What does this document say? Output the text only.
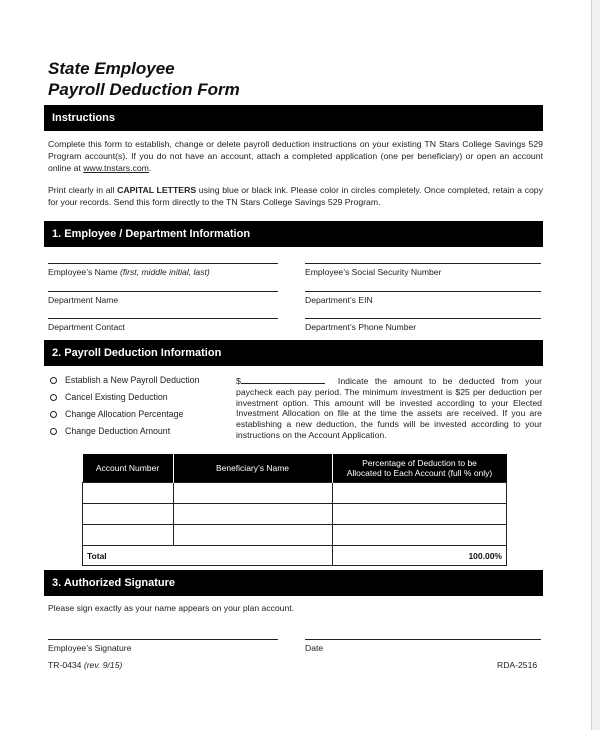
State Employee
Payroll Deduction Form
Instructions
Complete this form to establish, change or delete payroll deduction instructions on your existing TN Stars College Savings 529 Program account(s). If you do not have an account, attach a completed application (one per beneficiary) or open an account online at www.tnstars.com.
Print clearly in all CAPITAL LETTERS using blue or black ink. Please color in circles completely. Once completed, retain a copy for your records. Send this form directly to the TN Stars College Savings 529 Program.
1. Employee / Department Information
Employee’s Name (first, middle initial, last)	Employee’s Social Security Number
Department Name	Department’s EIN
Department Contact	Department’s Phone Number
2. Payroll Deduction Information
Establish a New Payroll Deduction
Cancel Existing Deduction
Change Allocation Percentage
Change Deduction Amount
$	Indicate the amount to be deducted from your paycheck each pay period. The minimum investment is $25 per deduction per investment option. This amount will be invested according to your Elected Investment Allocation on file at the time the assets are received. If you are establishing a new deduction, the funds will be invested according to your instructions on the Account Application.
Account Number	Beneficiary’s Name	Percentage of Deduction to be
Allocated to Each Account (full % only)

Total		100.00%
3. Authorized Signature
Please sign exactly as your name appears on your plan account.
Employee’s Signature	Date
TR-0434 (rev. 9/15)	RDA-2516
